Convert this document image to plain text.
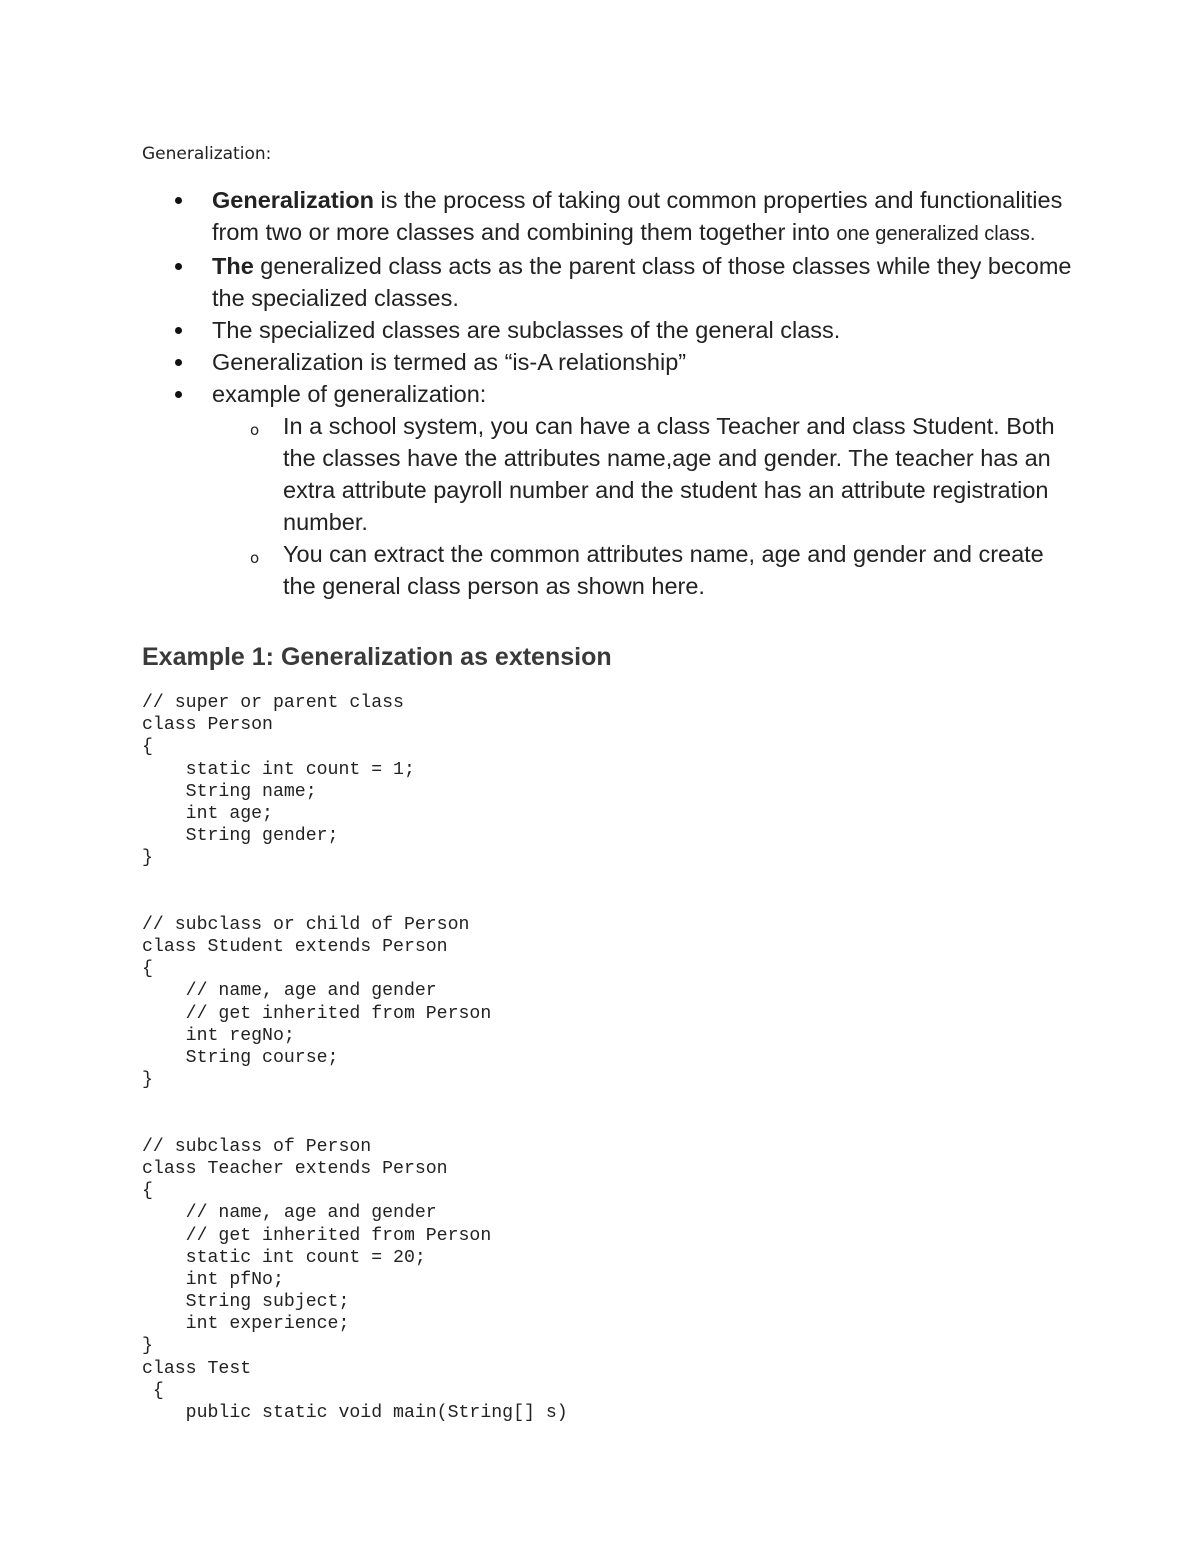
Generalization:
Generalization is the process of taking out common properties and functionalities from two or more classes and combining them together into one generalized class.
The generalized class acts as the parent class of those classes while they become the specialized classes.
The specialized classes are subclasses of the general class.
Generalization is termed as “is-A relationship”
example of generalization:
o In a school system, you can have a class Teacher and class Student. Both the classes have the attributes name,age and gender. The teacher has an extra attribute payroll number and the student has an attribute registration number.
o You can extract the common attributes name, age and gender and create the general class person as shown here.
Example 1: Generalization as extension
// super or parent class
class Person
{
static int count = 1;
String name;
int age;
String gender;
}
// subclass or child of Person
class Student extends Person
{
// name, age and gender
// get inherited from Person
int regNo;
String course;
}
// subclass of Person
class Teacher extends Person
{
// name, age and gender
// get inherited from Person
static int count = 20;
int pfNo;
String subject;
int experience;
}
class Test
{
public static void main(String[] s)
